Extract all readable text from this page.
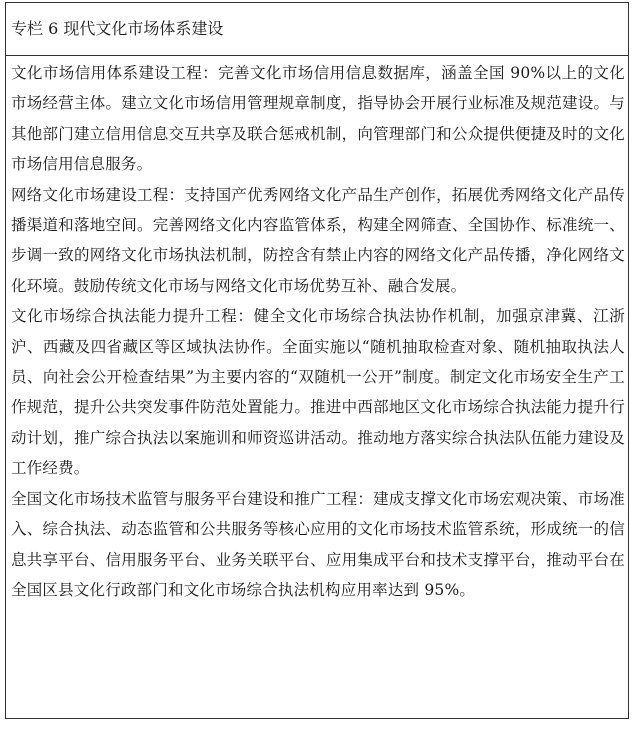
专栏 6 现代文化市场体系建设

文化市场信用体系建设工程：完善文化市场信用信息数据库，涵盖全国 90%以上的文化市场经营主体。建立文化市场信用管理规章制度，指导协会开展行业标准及规范建设。与其他部门建立信用信息交互共享及联合惩戒机制，向管理部门和公众提供便捷及时的文化市场信用信息服务。

网络文化市场建设工程：支持国产优秀网络文化产品生产创作，拓展优秀网络文化产品传播渠道和落地空间。完善网络文化内容监管体系，构建全网筛查、全国协作、标准统一、步调一致的网络文化市场执法机制，防控含有禁止内容的网络文化产品传播，净化网络文化环境。鼓励传统文化市场与网络文化市场优势互补、融合发展。

文化市场综合执法能力提升工程：健全文化市场综合执法协作机制，加强京津冀、江浙沪、西藏及四省藏区等区域执法协作。全面实施以“随机抽取检查对象、随机抽取执法人员、向社会公开检查结果”为主要内容的“双随机一公开”制度。制定文化市场安全生产工作规范，提升公共突发事件防范处置能力。推进中西部地区文化市场综合执法能力提升行动计划，推广综合执法以案施训和师资巡讲活动。推动地方落实综合执法队伍能力建设及工作经费。

全国文化市场技术监管与服务平台建设和推广工程：建成支撑文化市场宏观决策、市场准入、综合执法、动态监管和公共服务等核心应用的文化市场技术监管系统，形成统一的信息共享平台、信用服务平台、业务关联平台、应用集成平台和技术支撑平台，推动平台在全国区县文化行政部门和文化市场综合执法机构应用率达到 95%。
